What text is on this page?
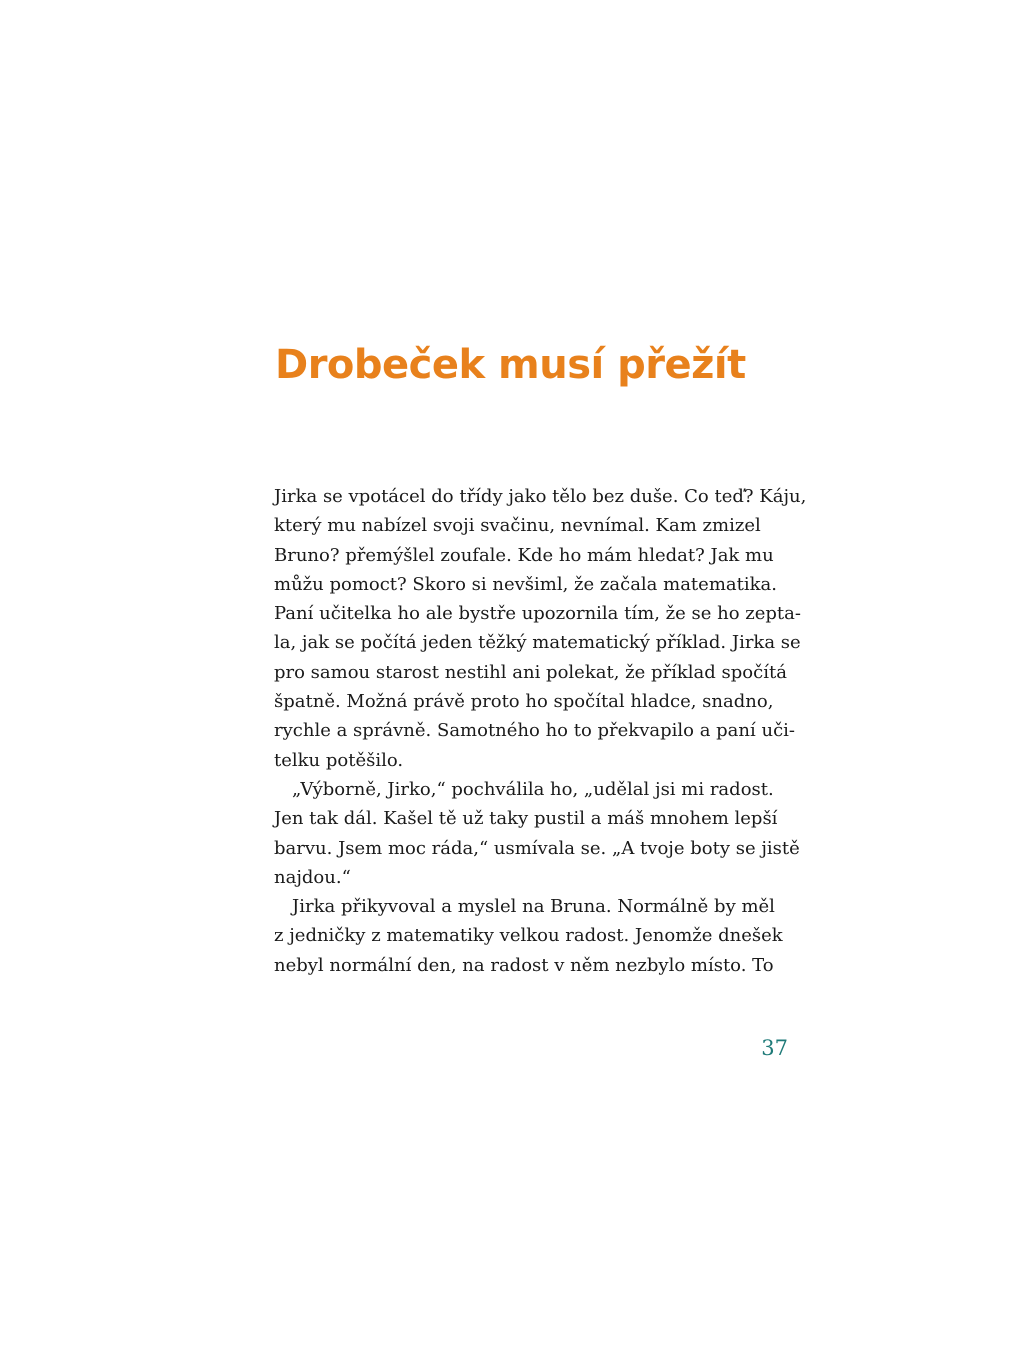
Drobeček musí přežít
Jirka se vpotácel do třídy jako tělo bez duše. Co teď? Káju,
který mu nabízel svoji svačinu, nevnímal. Kam zmizel
Bruno? přemýšlel zoufale. Kde ho mám hledat? Jak mu
můžu pomoct? Skoro si nevšiml, že začala matematika.
Paní učitelka ho ale bystře upozornila tím, že se ho zepta-
la, jak se počítá jeden těžký matematický příklad. Jirka se
pro samou starost nestihl ani polekat, že příklad spočítá
špatně. Možná právě proto ho spočítal hladce, snadno,
rychle a správně. Samotného ho to překvapilo a paní uči-
telku potěšilo.
„Výborně, Jirko,“ pochválila ho, „udělal jsi mi radost.
Jen tak dál. Kašel tě už taky pustil a máš mnohem lepší
barvu. Jsem moc ráda,“ usmívala se. „A tvoje boty se jistě
najdou.“
Jirka přikyvoval a myslel na Bruna. Normálně by měl
z jedničky z matematiky velkou radost. Jenomže dnešek
nebyl normální den, na radost v něm nezbylo místo. To
37
